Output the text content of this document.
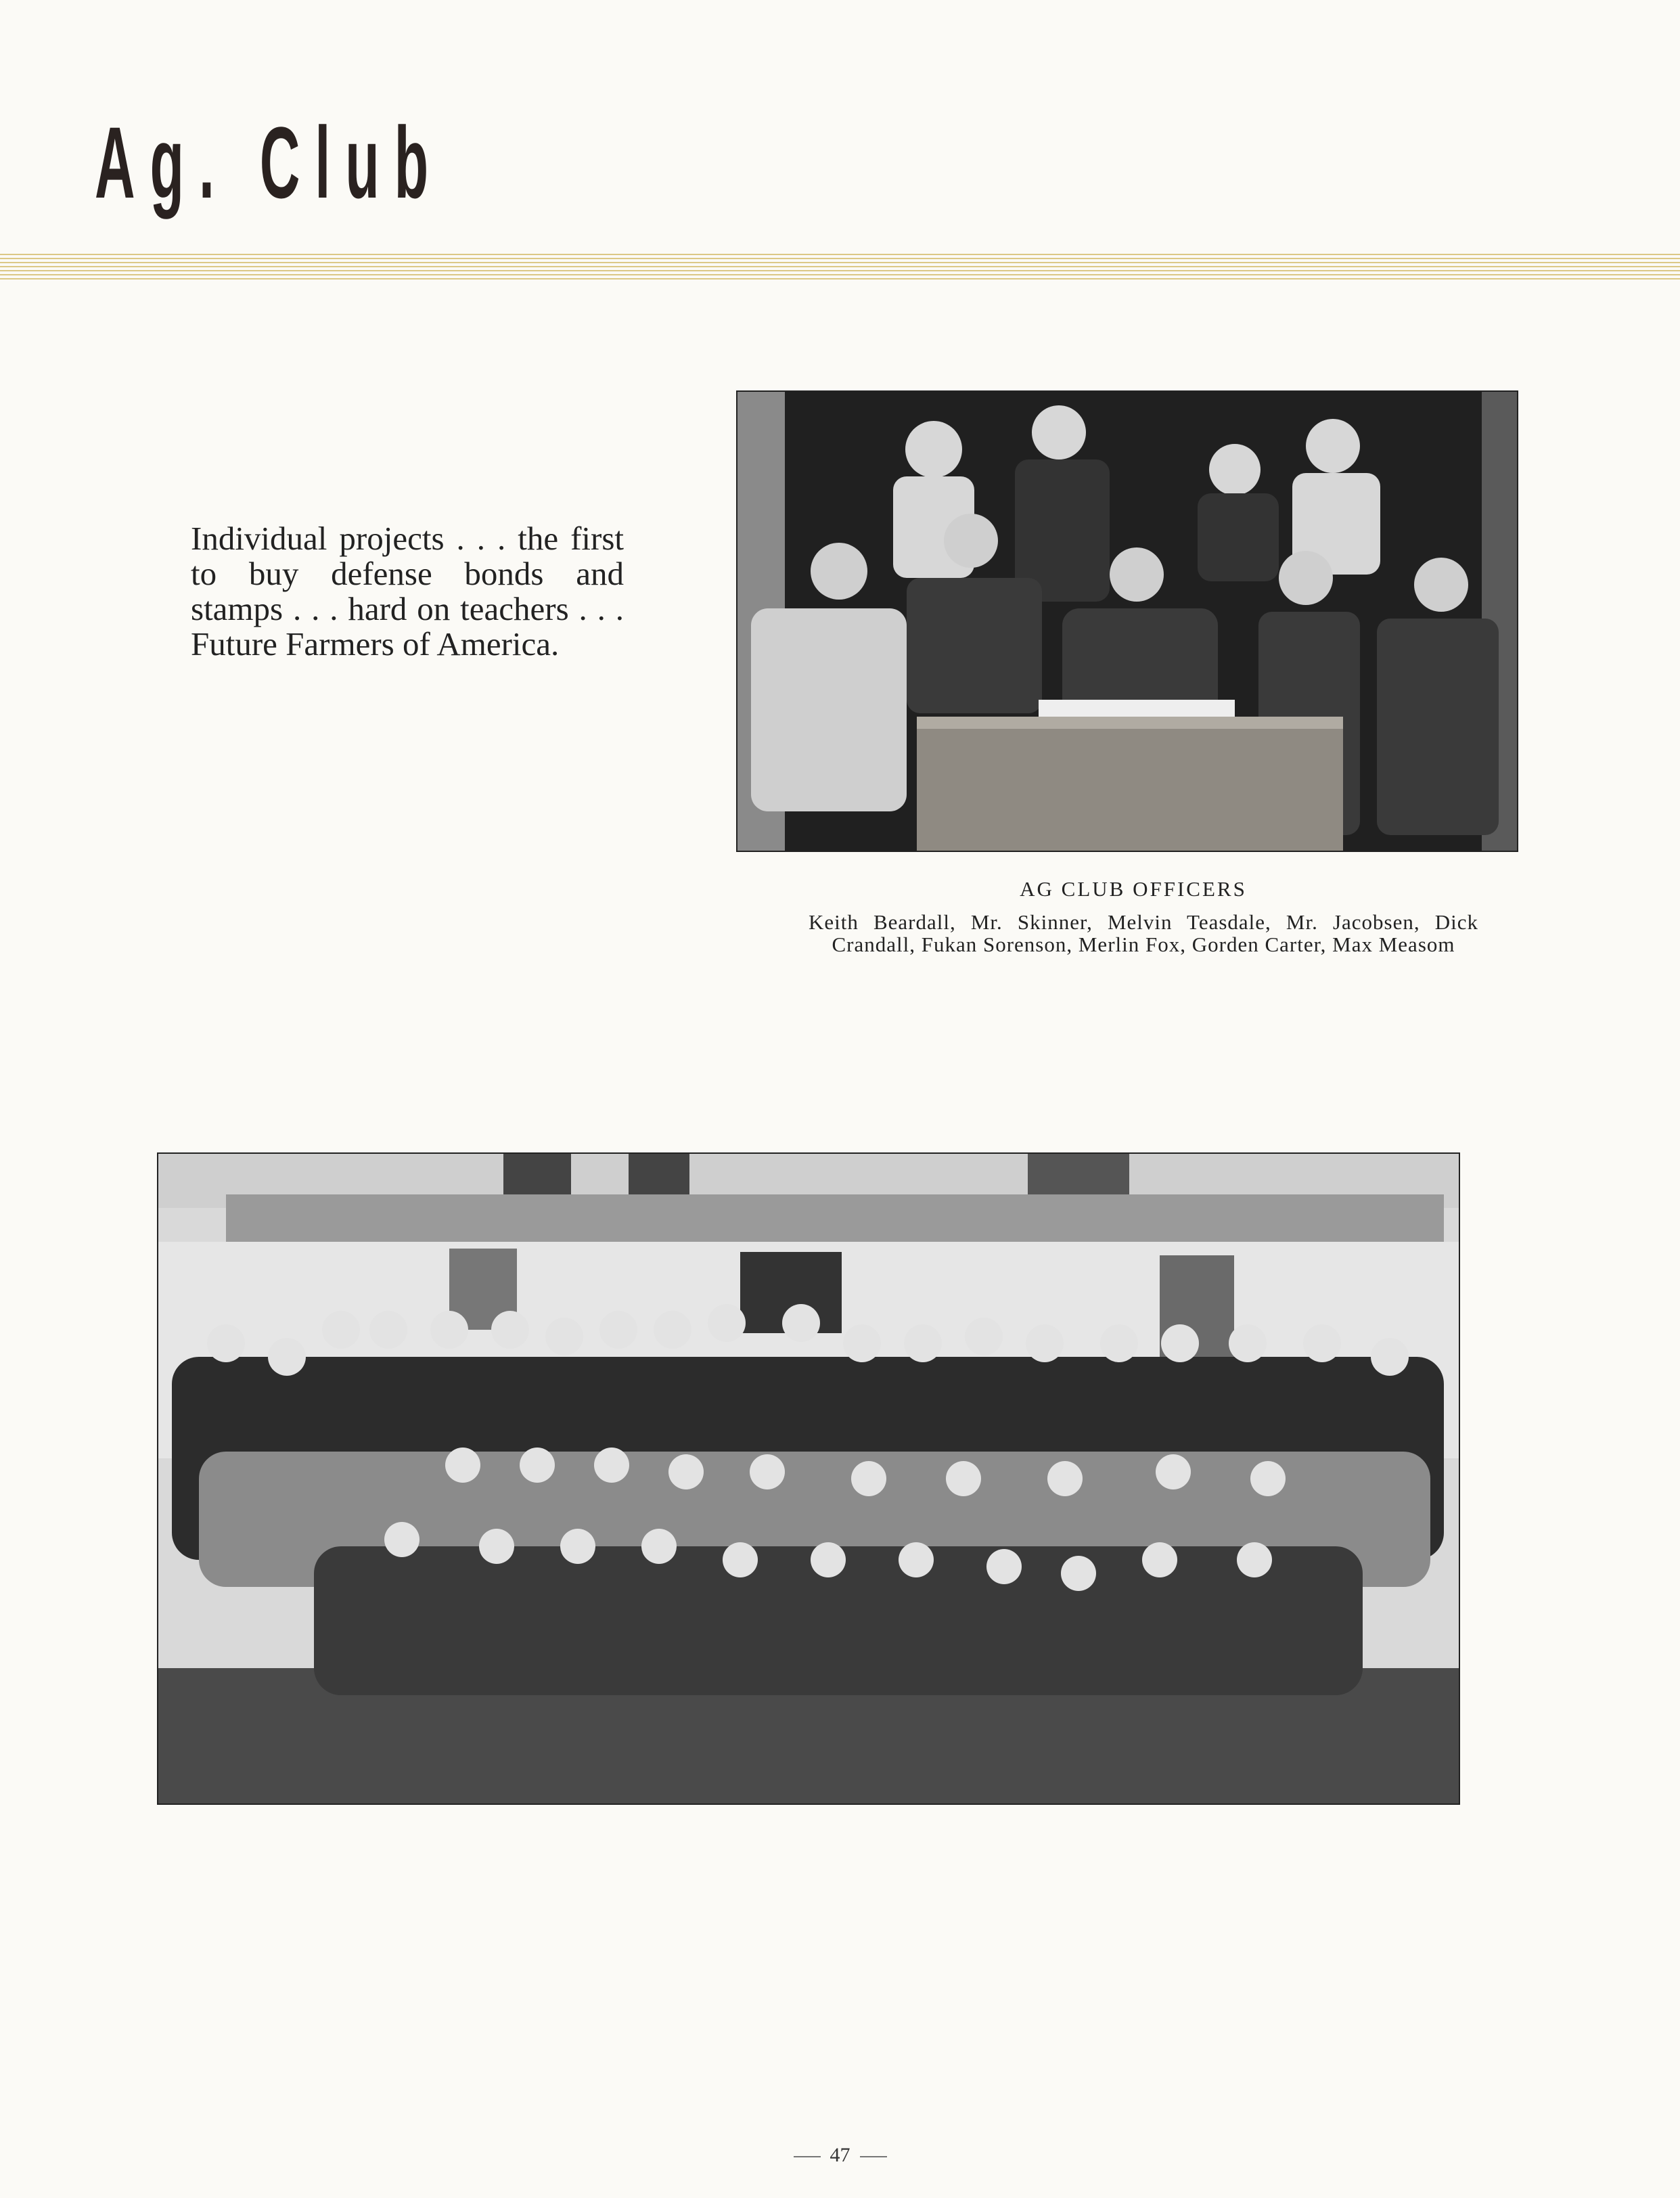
Ag. Club
Individual projects . . . the first to buy defense bonds and stamps . . . hard on teachers . . . Future Farmers of America.
AG CLUB OFFICERS
Keith Beardall, Mr. Skinner, Melvin Teasdale, Mr. Jacobsen, Dick Crandall, Fukan Sorenson, Merlin Fox, Gorden Carter, Max Measom
47
